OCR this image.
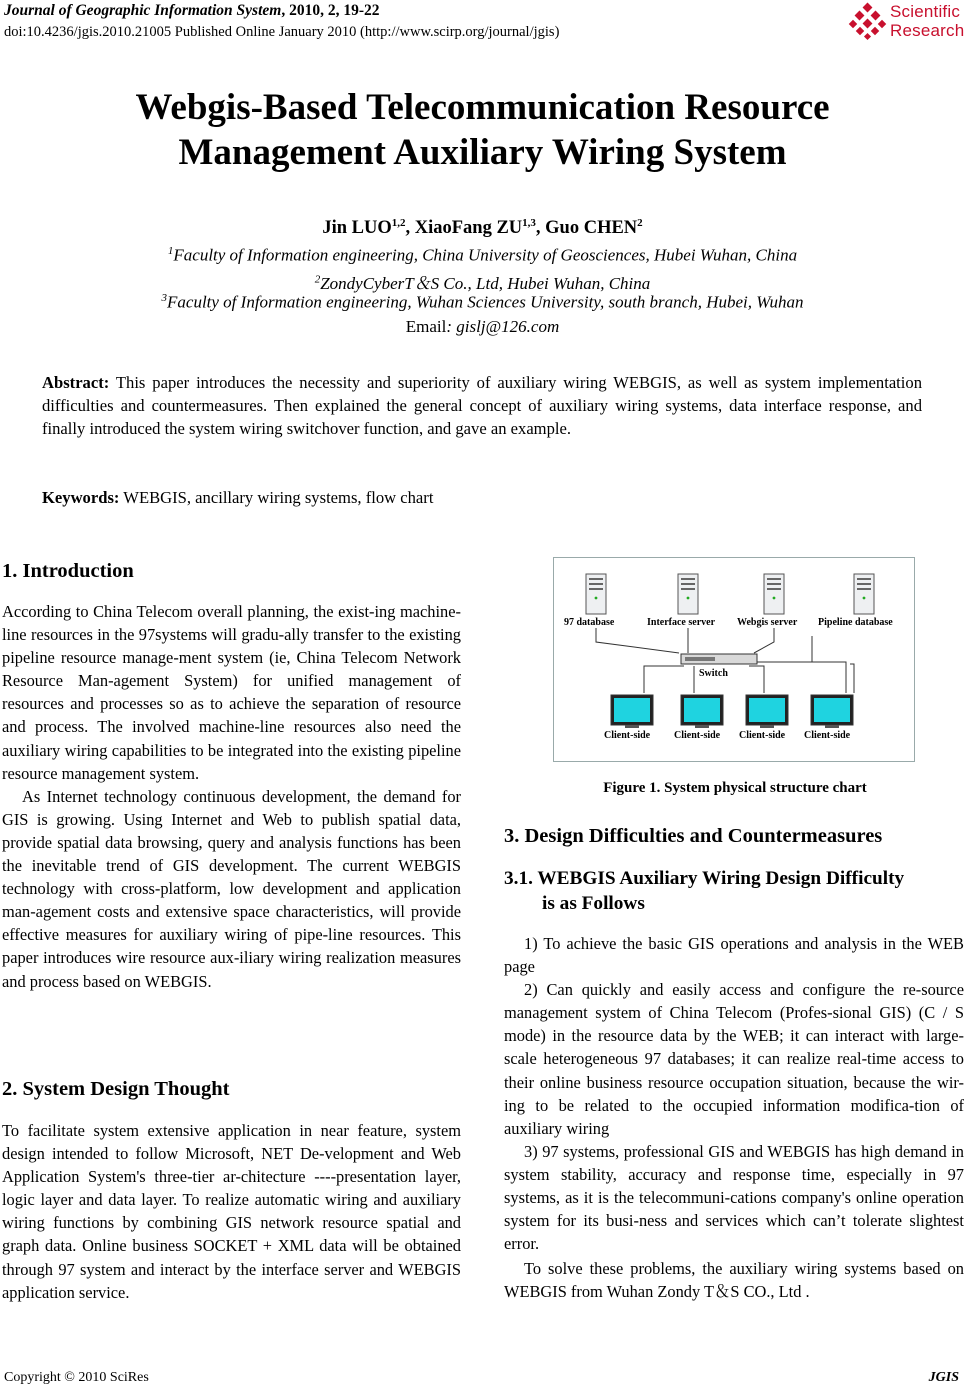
Journal of Geographic Information System, 2010, 2, 19-22
doi:10.4236/jgis.2010.21005 Published Online January 2010 (http://www.scirp.org/journal/jgis)
Scientific
Research
Webgis-Based Telecommunication Resource
Management Auxiliary Wiring System
Jin LUO$^{1,2}$, XiaoFang ZU$^{1,3}$, Guo CHEN$^2$
$^1$Faculty of Information engineering, China University of Geosciences, Hubei Wuhan, China
$^2$ZondyCyberT＆S Co., Ltd, Hubei Wuhan, China
$^3$Faculty of Information engineering, Wuhan Sciences University, south branch, Hubei, Wuhan
Email: gislj@126.com
Abstract: This paper introduces the necessity and superiority of auxiliary wiring WEBGIS, as well as system implementation difficulties and countermeasures. Then explained the general concept of auxiliary wiring systems, data interface response, and finally introduced the system wiring switchover function, and gave an example.
Keywords: WEBGIS, ancillary wiring systems, flow chart
1. Introduction

According to China Telecom overall planning, the exist-ing machine-line resources in the 97systems will gradu-ally transfer to the existing pipeline resource manage-ment system (ie, China Telecom Network Resource Man-agement System) for unified management of resources and processes so as to achieve the separation of resource and process. The involved machine-line resources also need the auxiliary wiring capabilities to be integrated into the existing pipeline resource management system.

As Internet technology continuous development, the demand for GIS is growing. Using Internet and Web to publish spatial data, provide spatial data browsing, query and analysis functions has been the inevitable trend of GIS development. The current WEBGIS technology with cross-platform, low development and application man-agement costs and extensive space characteristics, will provide effective measures for auxiliary wiring of pipe-line resources. This paper introduces wire resource aux-iliary wiring realization measures and process based on WEBGIS.

2. System Design Thought

To facilitate system extensive application in near feature, system design intended to follow Microsoft, NET De-velopment and Web Application System's three-tier ar-chitecture ----presentation layer, logic layer and data layer. To realize automatic wiring and auxiliary wiring functions by combining GIS network resource spatial and graph data. Online business SOCKET + XML data will be obtained through 97 system and interact by the interface server and WEBGIS application service.

97 database	Interface server Webgis server Pipeline database
Switch
Client-side Client-side Client-side Client-side
Figure 1. System physical structure chart
3. Design Difficulties and Countermeasures
3.1. WEBGIS Auxiliary Wiring Design Difficulty
is as Follows

1) To achieve the basic GIS operations and analysis in the WEB page

2) Can quickly and easily access and configure the re-source management system of China Telecom (Profes-sional GIS) (C / S mode) in the resource data by the WEB; it can interact with large-scale heterogeneous 97 databases; it can realize real-time access to their online business resource occupation situation, because the wir-ing to be related to the occupied information modifica-tion of auxiliary wiring

3) 97 systems, professional GIS and WEBGIS has high demand in system stability, accuracy and response time, especially in 97 systems, as it is the telecommuni-cations company's online operation system for its busi-ness and services which can’t tolerate slightest error.

To solve these problems, the auxiliary wiring systems based on WEBGIS from Wuhan Zondy T＆S CO., Ltd .

Copyright © 2010 SciRes	JGIS
